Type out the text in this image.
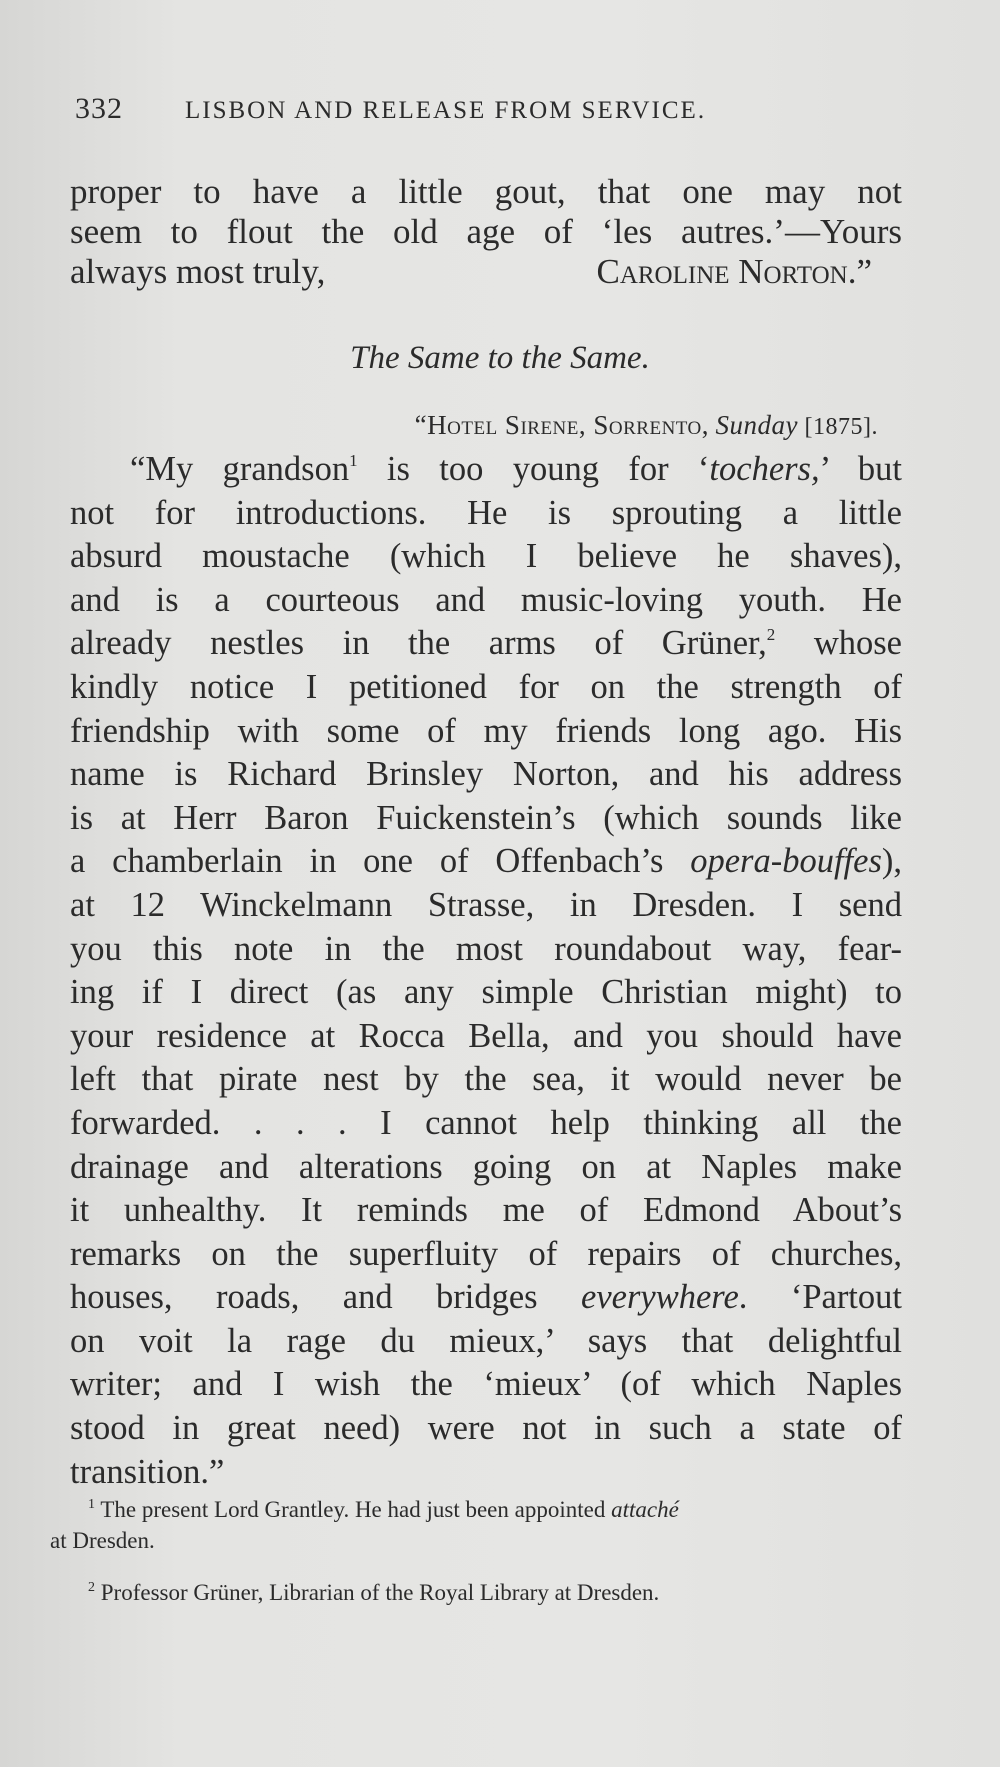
332 LISBON AND RELEASE FROM SERVICE.
proper to have a little gout, that one may not
seem to flout the old age of ‘les autres.’—Yours
always most truly,	Caroline Norton.”
The Same to the Same.
“Hotel Sirene, Sorrento, Sunday [1875].
“My grandson$^1$ is too young for ‘tochers,’ but
not for introductions. He is sprouting a little
absurd moustache (which I believe he shaves),
and is a courteous and music-loving youth. He
already nestles in the arms of Grüner,$^2$ whose
kindly notice I petitioned for on the strength of
friendship with some of my friends long ago. His
name is Richard Brinsley Norton, and his address
is at Herr Baron Fuickenstein’s (which sounds like
a chamberlain in one of Offenbach’s opera-bouffes),
at 12 Winckelmann Strasse, in Dresden. I send
you this note in the most roundabout way, fear-
ing if I direct (as any simple Christian might) to
your residence at Rocca Bella, and you should have
left that pirate nest by the sea, it would never be
forwarded. . . . I cannot help thinking all the
drainage and alterations going on at Naples make
it unhealthy. It reminds me of Edmond About’s
remarks on the superfluity of repairs of churches,
houses, roads, and bridges everywhere. ‘Partout
on voit la rage du mieux,’ says that delightful
writer; and I wish the ‘mieux’ (of which Naples
stood in great need) were not in such a state of
transition.”
$^1$ The present Lord Grantley. He had just been appointed attaché
at Dresden.
$^2$ Professor Grüner, Librarian of the Royal Library at Dresden.
